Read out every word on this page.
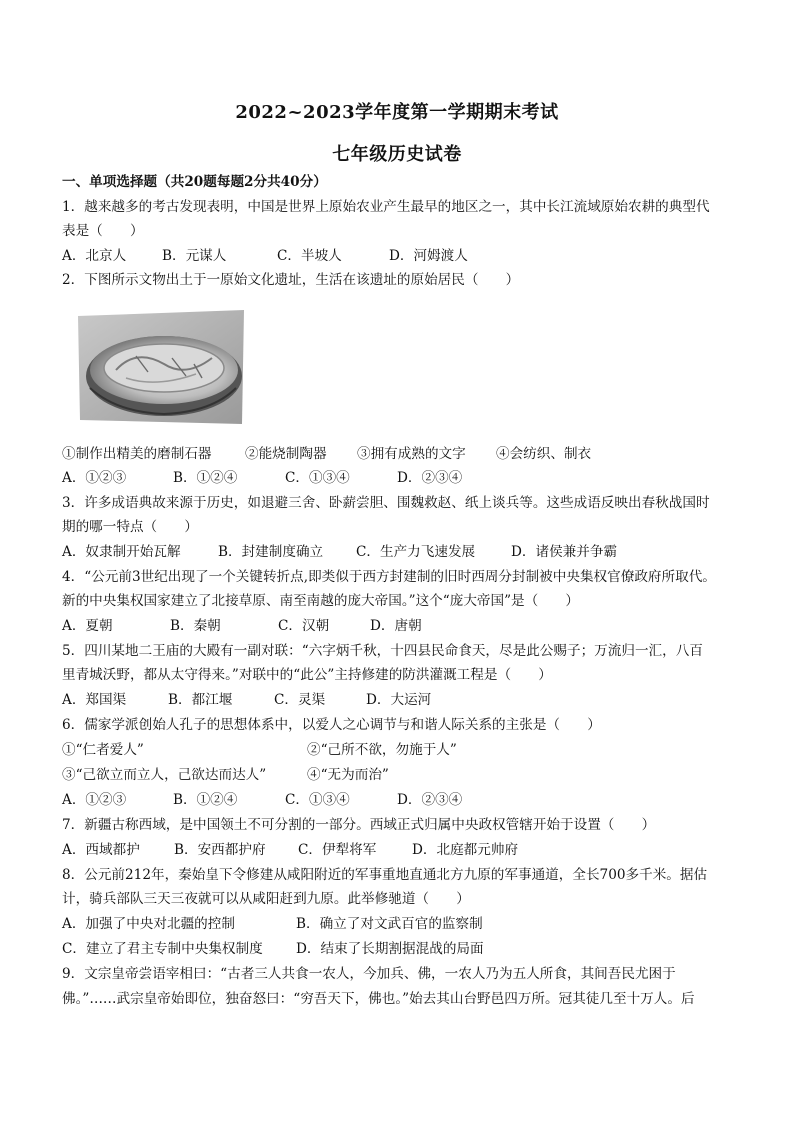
2022~2023学年度第一学期期末考试
七年级历史试卷
一、单项选择题（共20题每题2分共40分）
1．越来越多的考古发现表明，中国是世界上原始农业产生最早的地区之一，其中长江流域原始农耕的典型代
表是（　　）
A．北京人	B．元谋人	C．半坡人	D．河姆渡人
2．下图所示文物出土于一原始文化遗址，生活在该遗址的原始居民（　　）
①制作出精美的磨制石器	②能烧制陶器	③拥有成熟的文字	④会纺织、制衣
A．①②③	B．①②④	C．①③④	D．②③④
3．许多成语典故来源于历史，如退避三舍、卧薪尝胆、围魏救赵、纸上谈兵等。这些成语反映出春秋战国时
期的哪一特点（　　）
A．奴隶制开始瓦解	B．封建制度确立	C．生产力飞速发展	D．诸侯兼并争霸
4．“公元前3世纪出现了一个关键转折点,即类似于西方封建制的旧时西周分封制被中央集权官僚政府所取代。
新的中央集权国家建立了北接草原、南至南越的庞大帝国。”这个“庞大帝国”是（　　）
A．夏朝	B．秦朝	C．汉朝	D．唐朝
5．四川某地二王庙的大殿有一副对联：“六字炳千秋，十四县民命食天，尽是此公赐子；万流归一汇，八百
里青城沃野，都从太守得来。”对联中的“此公”主持修建的防洪灌溉工程是（　　）
A．郑国渠	B．都江堰	C．灵渠	D．大运河
6．儒家学派创始人孔子的思想体系中，以爱人之心调节与和谐人际关系的主张是（　　）
①“仁者爱人”	②“己所不欲，勿施于人”
③“己欲立而立人，己欲达而达人”	④“无为而治”
A．①②③	B．①②④	C．①③④	D．②③④
7．新疆古称西域，是中国领土不可分割的一部分。西域正式归属中央政权管辖开始于设置（　　）
A．西域都护	B．安西都护府	C．伊犁将军	D．北庭都元帅府
8．公元前212年，秦始皇下令修建从咸阳附近的军事重地直通北方九原的军事通道，全长700多千米。据估
计，骑兵部队三天三夜就可以从咸阳赶到九原。此举修驰道（　　）
A．加强了中央对北疆的控制	B．确立了对文武百官的监察制
C．建立了君主专制中央集权制度	D．结束了长期割据混战的局面
9．文宗皇帝尝语宰相曰：“古者三人共食一农人，今加兵、佛，一农人乃为五人所食，其间吾民尤困于
佛。”……武宗皇帝始即位，独奋怒曰：“穷吾天下，佛也。”始去其山台野邑四万所。冠其徒几至十万人。后
